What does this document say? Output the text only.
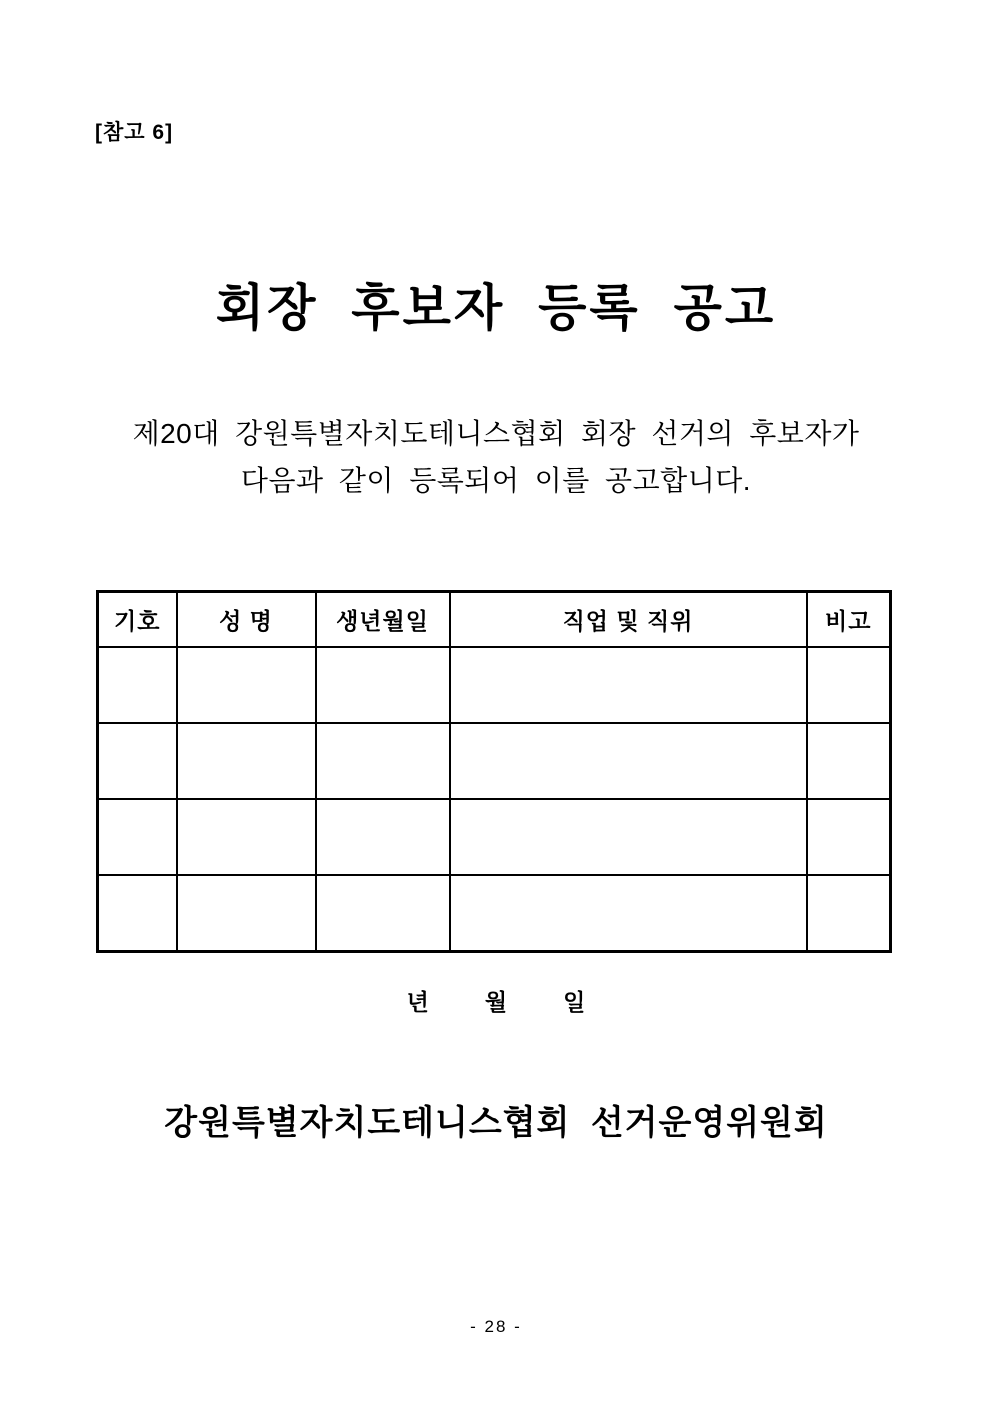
[참고 6]
회장 후보자 등록 공고
제20대 강원특별자치도테니스협회 회장 선거의 후보자가
다음과 같이 등록되어 이를 공고합니다.
기호	성 명	생년월일	직업 및 직위	비고

년 월 일
강원특별자치도테니스협회 선거운영위원회
- 28 -
